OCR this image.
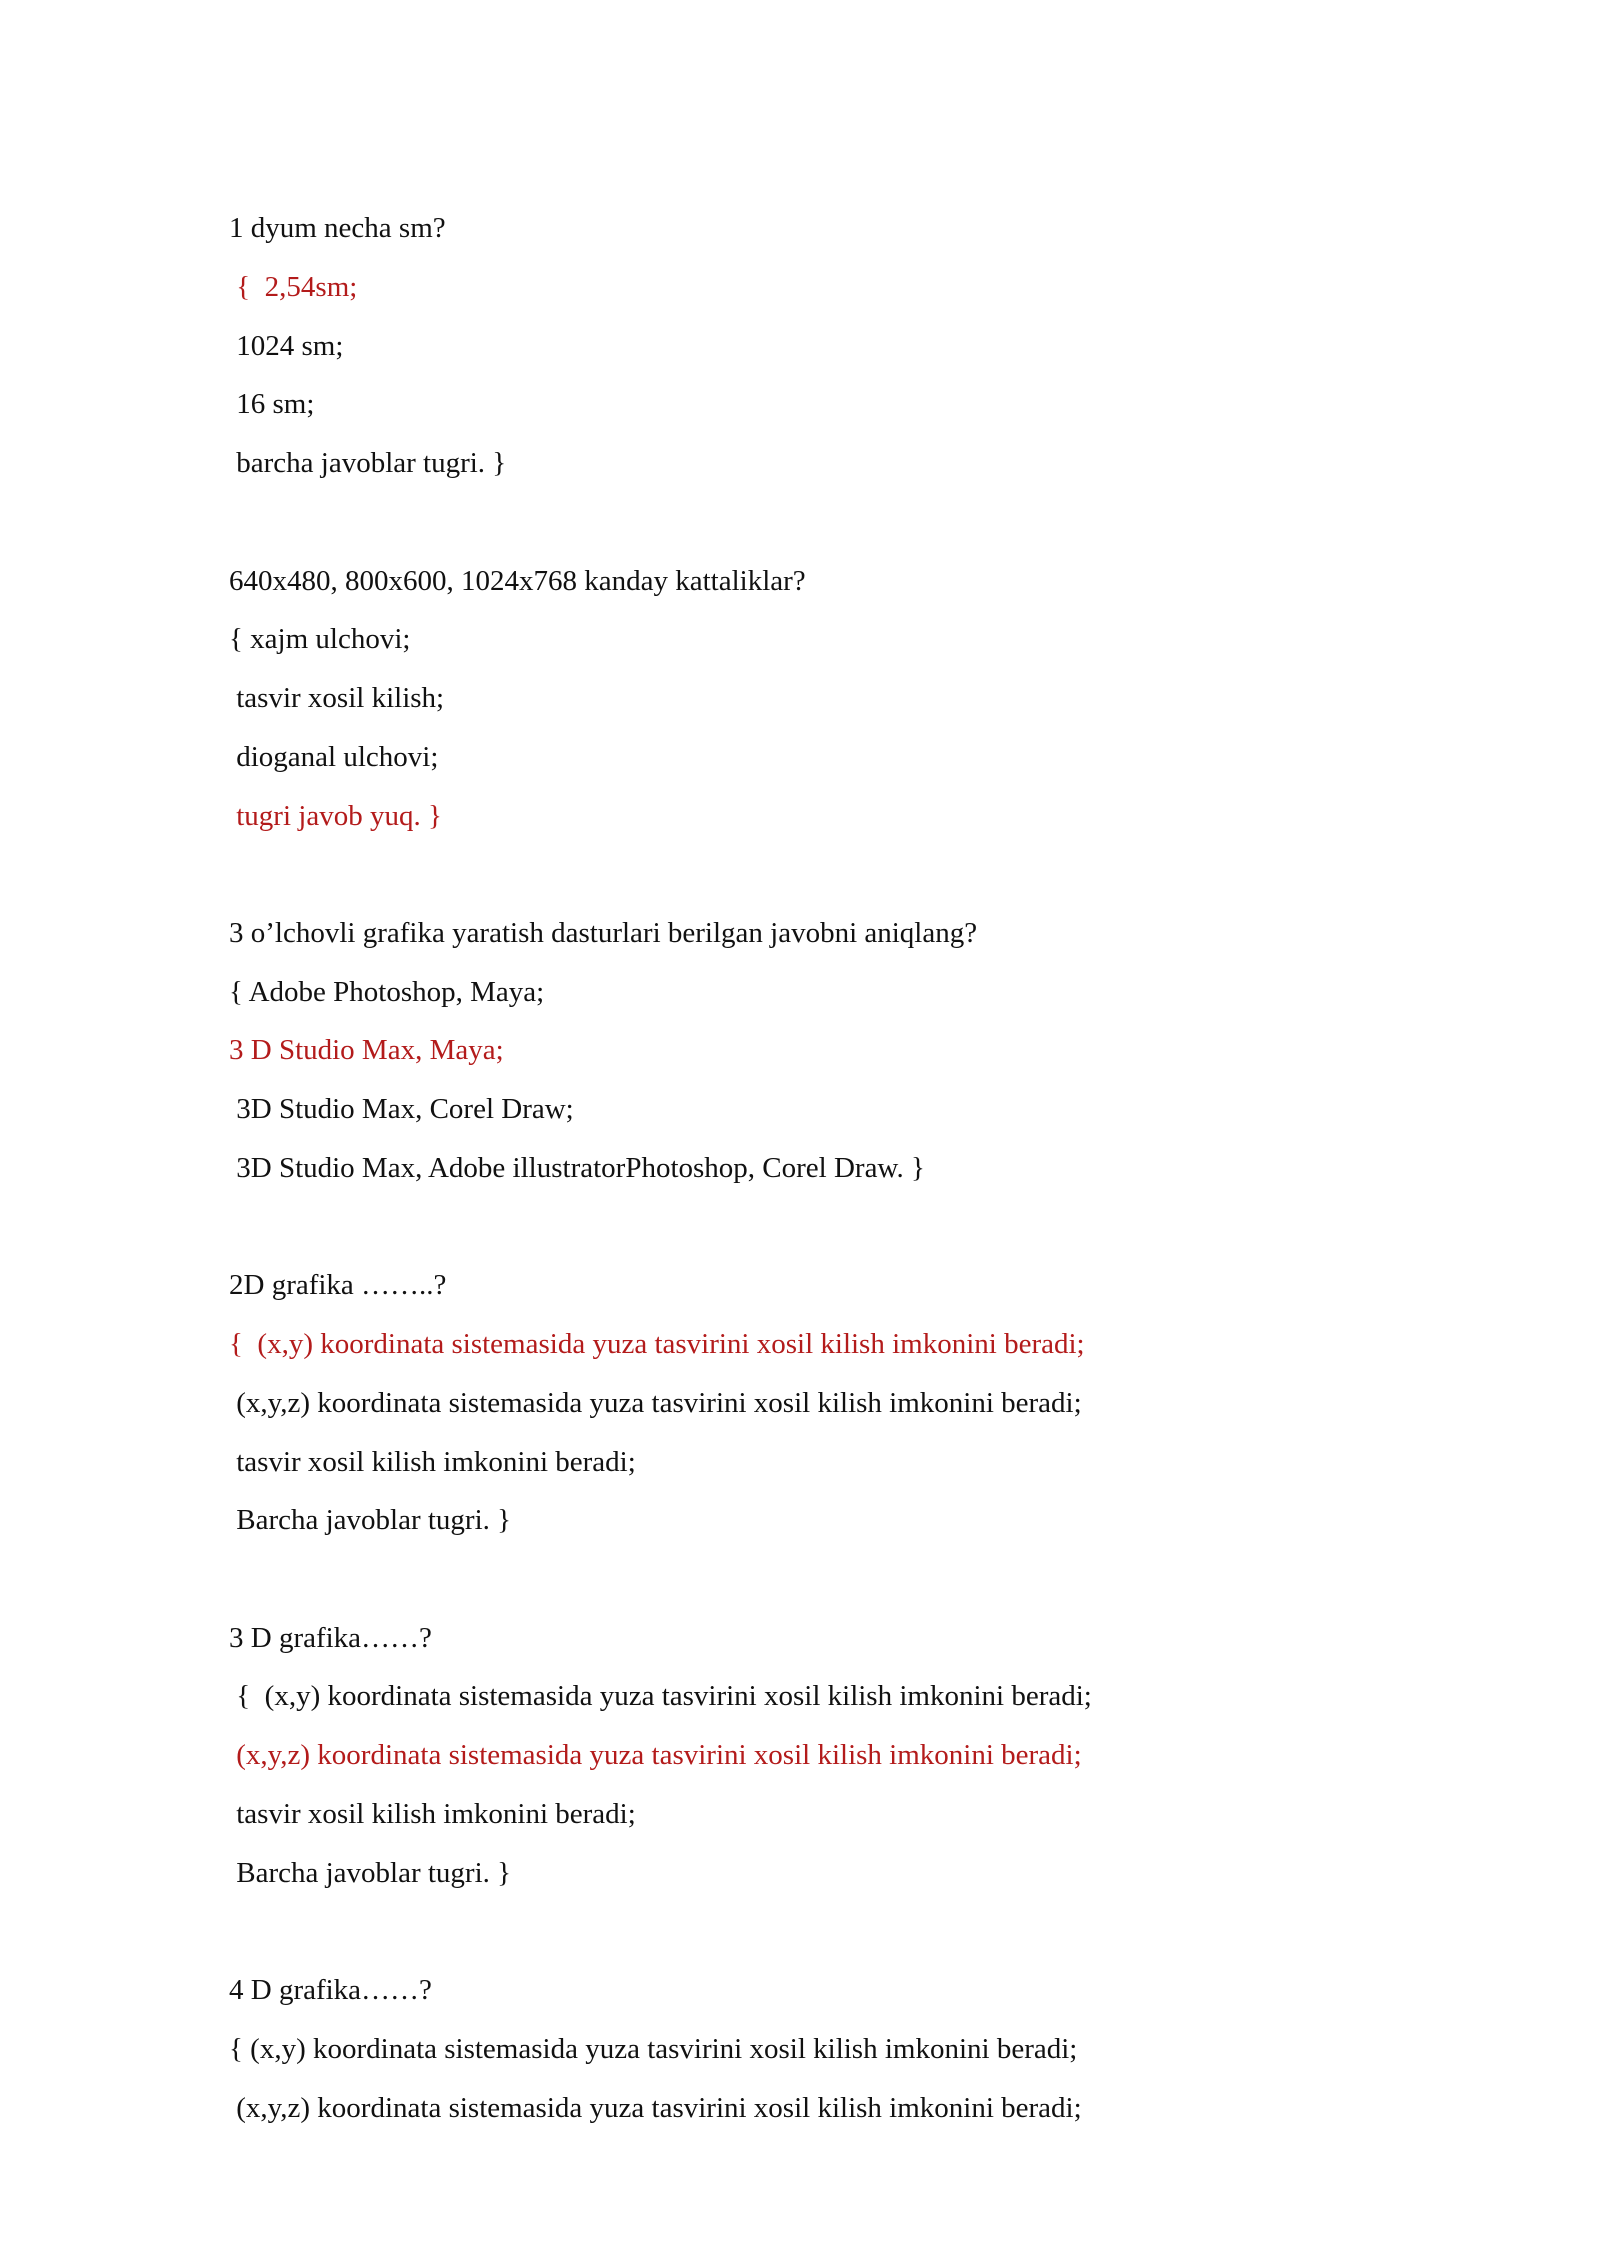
1 dyum necha sm?

{  2,54sm;

1024 sm;

16 sm;

barcha javoblar tugri. }

640x480, 800x600, 1024x768 kanday kattaliklar?

{ xajm ulchovi;

tasvir xosil kilish;

dioganal ulchovi;

tugri javob yuq. }

3 o’lchovli grafika yaratish dasturlari berilgan javobni aniqlang?

{ Adobe Photoshop, Maya;

3 D Studio Max, Maya;

3D Studio Max, Corel Draw;

3D Studio Max, Adobe illustratorPhotoshop, Corel Draw. }

2D grafika ……..?

{  (x,y) koordinata sistemasida yuza tasvirini xosil kilish imkonini beradi;

(x,y,z) koordinata sistemasida yuza tasvirini xosil kilish imkonini beradi;

tasvir xosil kilish imkonini beradi;

Barcha javoblar tugri. }

3 D grafika……?

{  (x,y) koordinata sistemasida yuza tasvirini xosil kilish imkonini beradi;

(x,y,z) koordinata sistemasida yuza tasvirini xosil kilish imkonini beradi;

tasvir xosil kilish imkonini beradi;

Barcha javoblar tugri. }

4 D grafika……?

{ (x,y) koordinata sistemasida yuza tasvirini xosil kilish imkonini beradi;

(x,y,z) koordinata sistemasida yuza tasvirini xosil kilish imkonini beradi;
